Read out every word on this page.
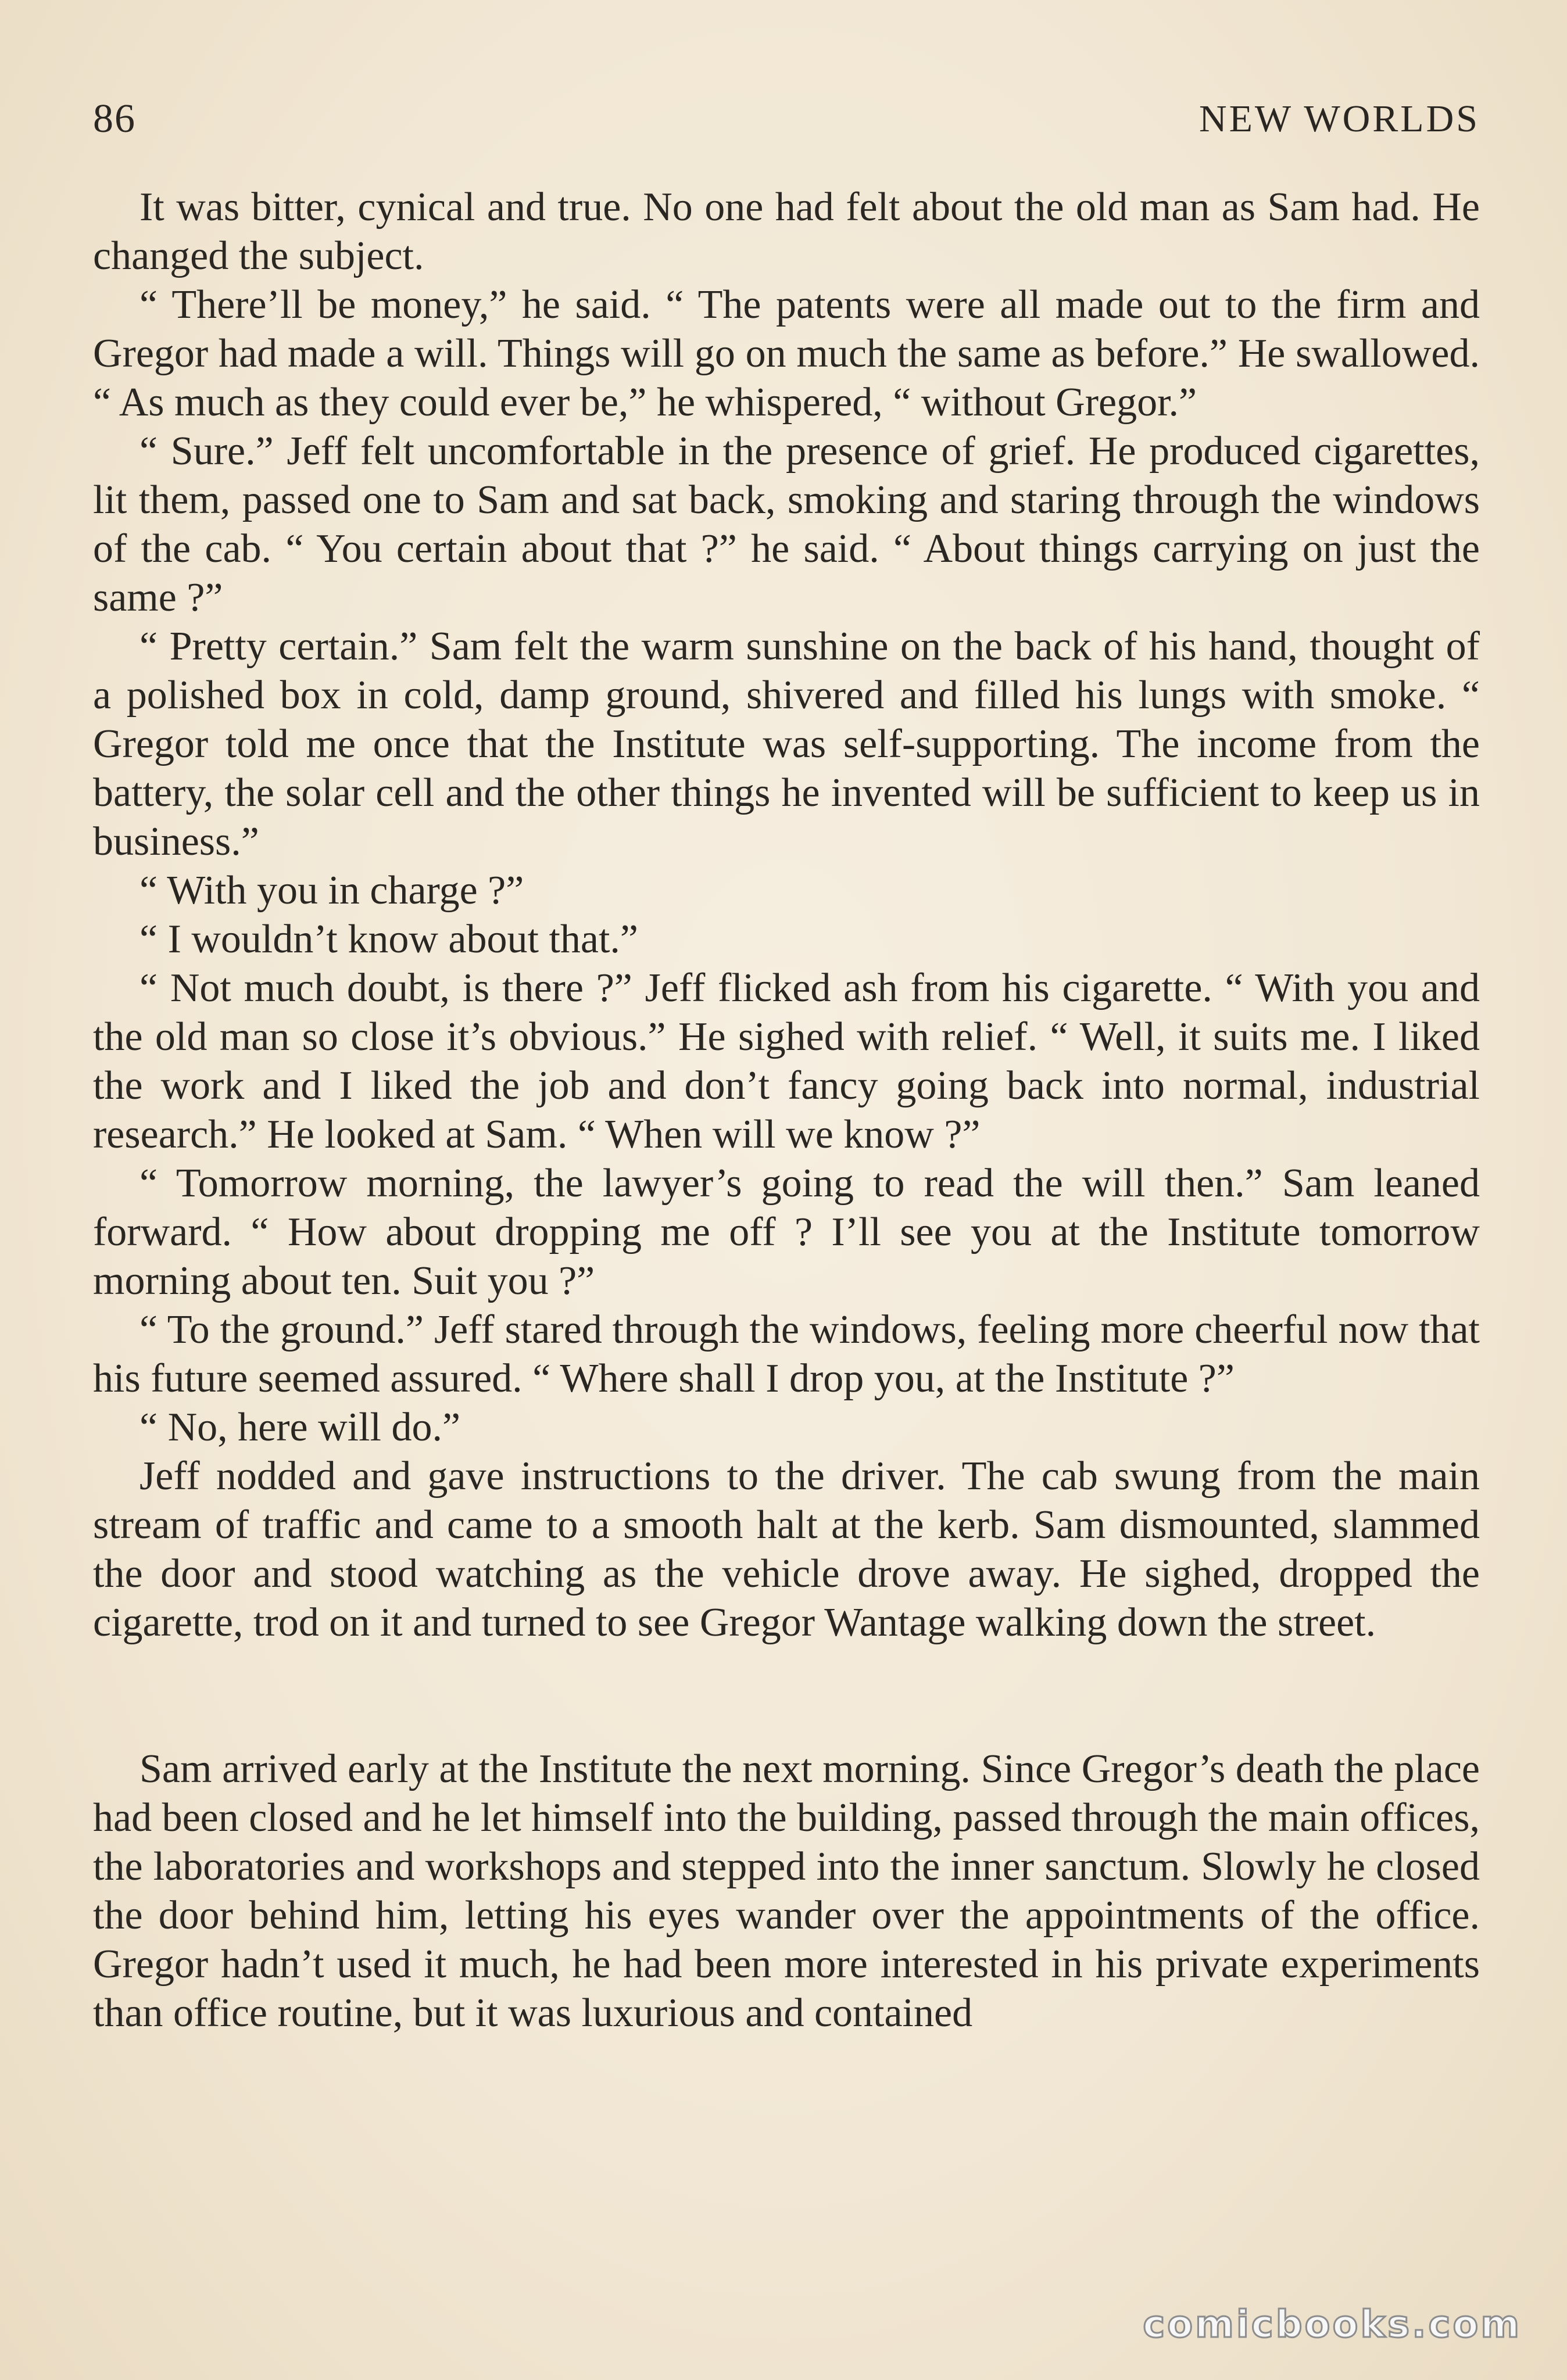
86	NEW WORLDS

It was bitter, cynical and true. No one had felt about the old man as Sam had. He changed the subject.

“ There’ll be money,” he said. “ The patents were all made out to the firm and Gregor had made a will. Things will go on much the same as before.” He swallowed. “ As much as they could ever be,” he whispered, “ without Gregor.”

“ Sure.” Jeff felt uncomfortable in the presence of grief. He produced cigarettes, lit them, passed one to Sam and sat back, smoking and staring through the windows of the cab. “ You certain about that ?” he said. “ About things carrying on just the same ?”

“ Pretty certain.” Sam felt the warm sunshine on the back of his hand, thought of a polished box in cold, damp ground, shivered and filled his lungs with smoke. “ Gregor told me once that the Institute was self-supporting. The income from the battery, the solar cell and the other things he invented will be sufficient to keep us in business.”

“ With you in charge ?”

“ I wouldn’t know about that.”

“ Not much doubt, is there ?” Jeff flicked ash from his cigarette. “ With you and the old man so close it’s obvious.” He sighed with relief. “ Well, it suits me. I liked the work and I liked the job and don’t fancy going back into normal, industrial research.” He looked at Sam. “ When will we know ?”

“ Tomorrow morning, the lawyer’s going to read the will then.” Sam leaned forward. “ How about dropping me off ? I’ll see you at the Institute tomorrow morning about ten. Suit you ?”

“ To the ground.” Jeff stared through the windows, feeling more cheerful now that his future seemed assured. “ Where shall I drop you, at the Institute ?”

“ No, here will do.”

Jeff nodded and gave instructions to the driver. The cab swung from the main stream of traffic and came to a smooth halt at the kerb. Sam dismounted, slammed the door and stood watching as the vehicle drove away. He sighed, dropped the cigarette, trod on it and turned to see Gregor Wantage walking down the street.

Sam arrived early at the Institute the next morning. Since Gregor’s death the place had been closed and he let himself into the building, passed through the main offices, the laboratories and workshops and stepped into the inner sanctum. Slowly he closed the door behind him, letting his eyes wander over the appointments of the office. Gregor hadn’t used it much, he had been more interested in his private experiments than office routine, but it was luxurious and contained

comicbooks.com
